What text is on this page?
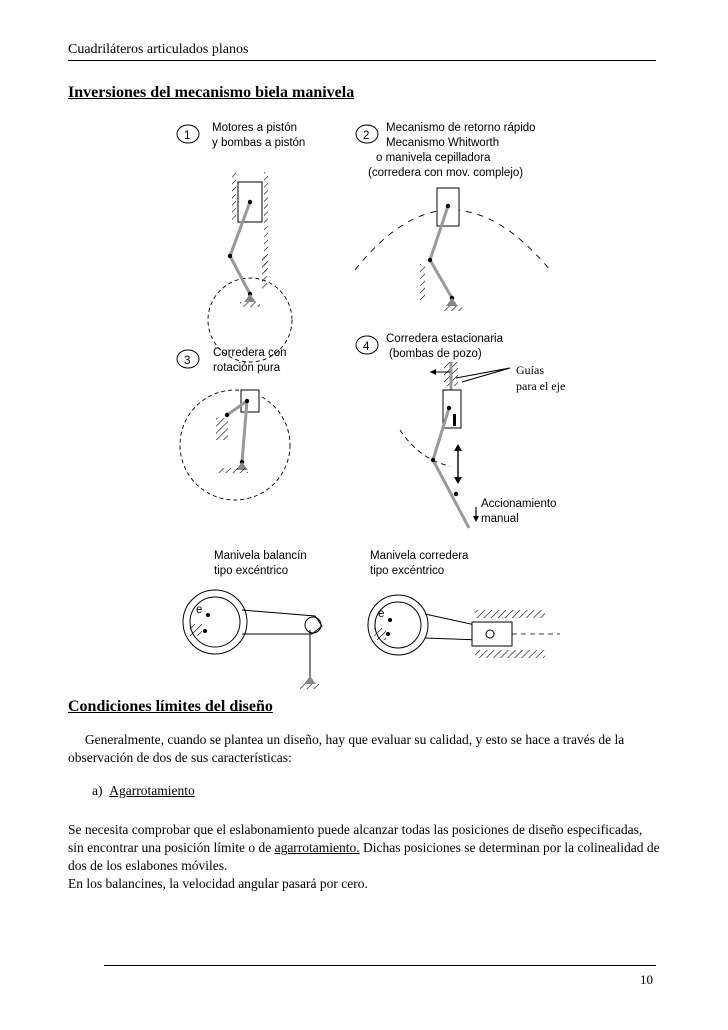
Cuadriláteros articulados planos
Inversiones del mecanismo biela manivela
1
Motores a pistón
y bombas a pistón
2
Mecanismo de retorno rápido
Mecanismo Whitworth
o manivela cepilladora
(corredera con mov. complejo)
3
Corredera con
rotación pura
4
Corredera estacionaria
(bombas de pozo)
Guías
para el eje
Accionamiento
manual
Manivela balancín
tipo excéntrico
e
Manivela corredera
tipo excéntrico
e
Condiciones límites del diseño
Generalmente, cuando se plantea un diseño, hay que evaluar su calidad, y esto se hace a través de la observación de dos de sus características:
a) Agarrotamiento
Se necesita comprobar que el eslabonamiento puede alcanzar todas las posiciones de diseño especificadas, sin encontrar una posición límite o de agarrotamiento. Dichas posiciones se determinan por la colinealidad de dos de los eslabones móviles.
En los balancines, la velocidad angular pasará por cero.
10
